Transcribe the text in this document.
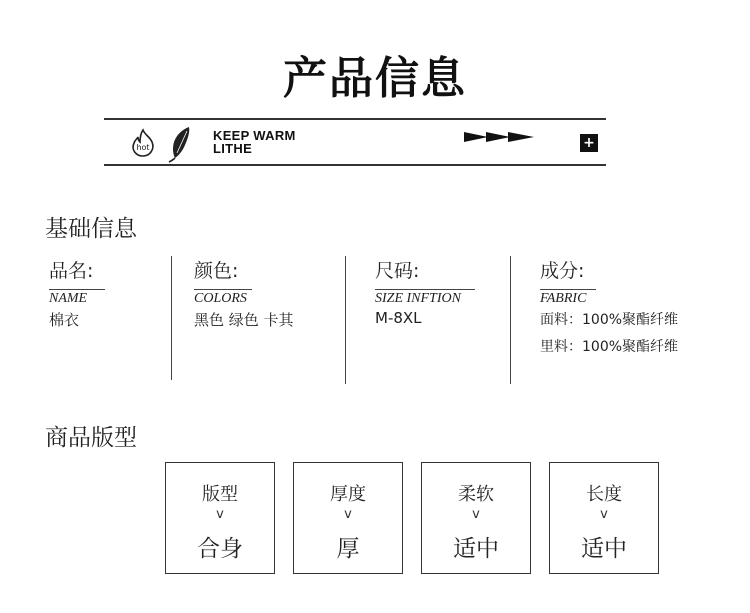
产品信息
hot
KEEP WARM
LITHE	+
基础信息
品名:
NAME
棉衣
颜色:
COLORS
黑色 绿色 卡其
尺码:
SIZE INFTION
M-8XL
成分:
FABRIC
面料：100%聚酯纤维
里料：100%聚酯纤维
商品版型
版型
v
合身
厚度
v
厚
柔软
v
适中
长度
v
适中
